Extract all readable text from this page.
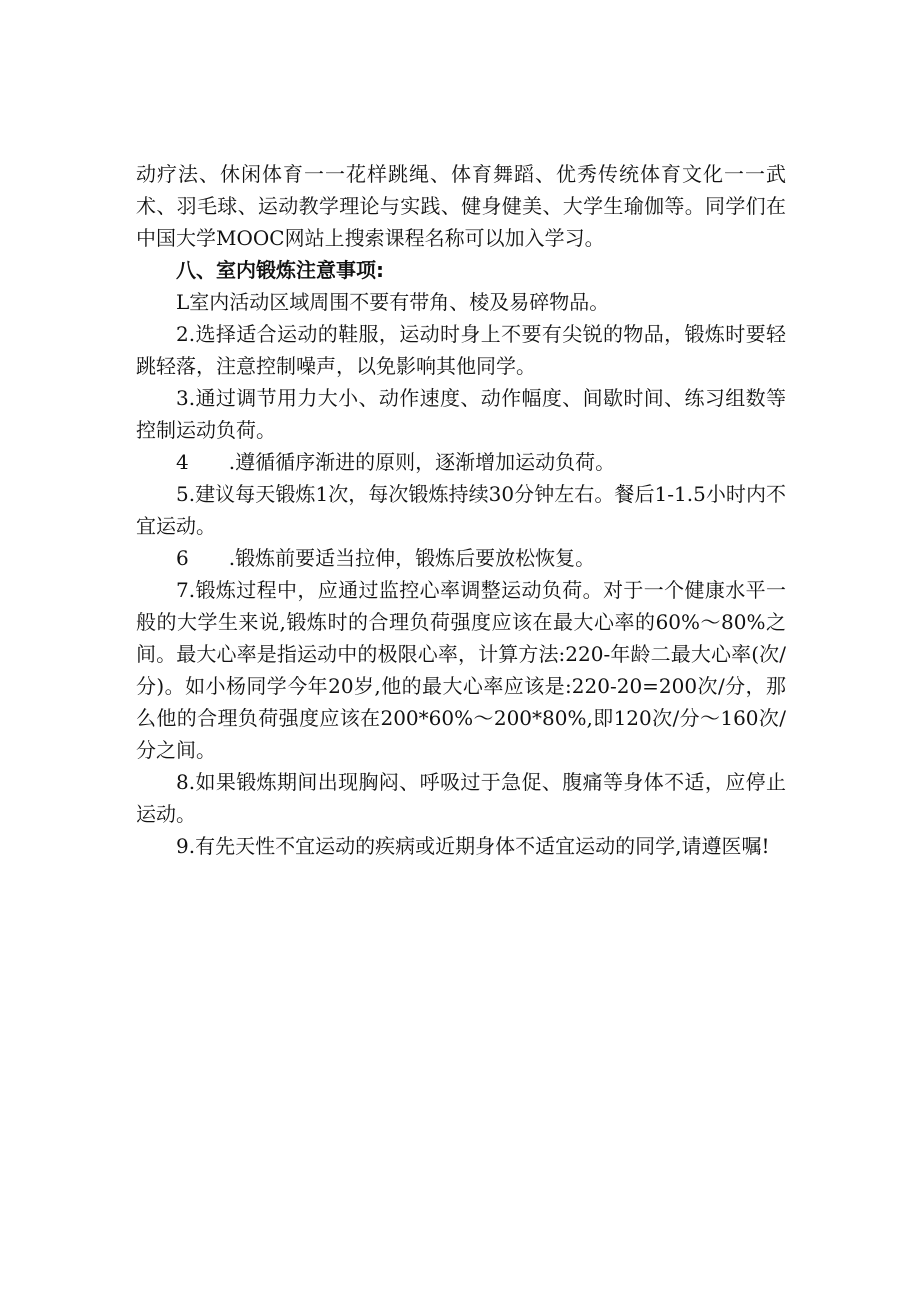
动疗法、休闲体育一一花样跳绳、体育舞蹈、优秀传统体育文化一一武术、羽毛球、运动教学理论与实践、健身健美、大学生瑜伽等。同学们在中国大学MOOC网站上搜索课程名称可以加入学习。

八、室内锻炼注意事项:

L室内活动区域周围不要有带角、棱及易碎物品。

2.选择适合运动的鞋服，运动时身上不要有尖锐的物品，锻炼时要轻跳轻落，注意控制噪声，以免影响其他同学。

3.通过调节用力大小、动作速度、动作幅度、间歇时间、练习组数等控制运动负荷。

4　　.遵循循序渐进的原则，逐渐增加运动负荷。

5.建议每天锻炼1次，每次锻炼持续30分钟左右。餐后1-1.5小时内不宜运动。

6　　.锻炼前要适当拉伸，锻炼后要放松恢复。

7.锻炼过程中，应通过监控心率调整运动负荷。对于一个健康水平一般的大学生来说,锻炼时的合理负荷强度应该在最大心率的60%～80%之间。最大心率是指运动中的极限心率，计算方法:220-年龄二最大心率(次/分)。如小杨同学今年20岁,他的最大心率应该是:220-20=200次/分，那么他的合理负荷强度应该在200*60%～200*80%,即120次/分～160次/分之间。

8.如果锻炼期间出现胸闷、呼吸过于急促、腹痛等身体不适，应停止运动。

9.有先天性不宜运动的疾病或近期身体不适宜运动的同学,请遵医嘱!
